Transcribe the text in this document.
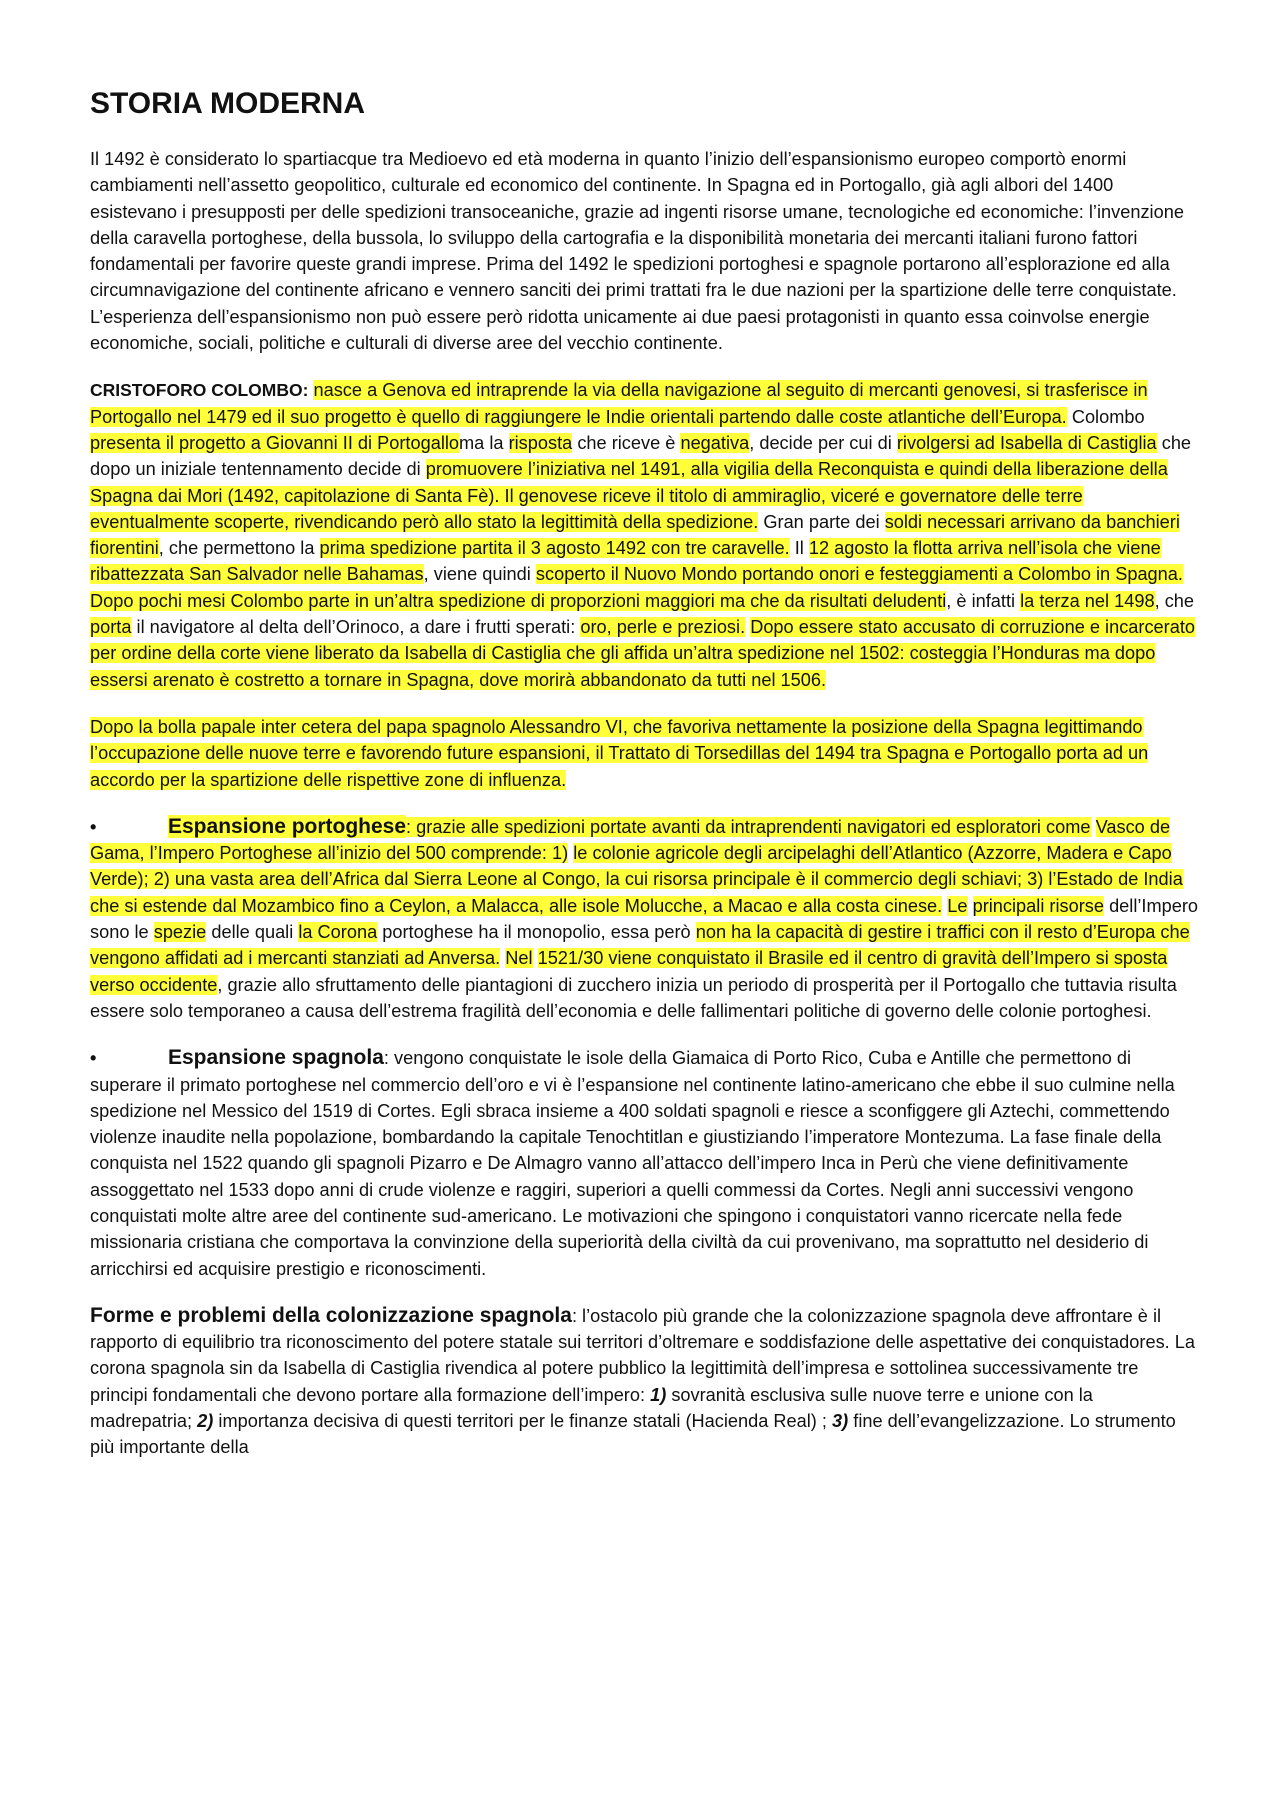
STORIA MODERNA

Il 1492 è considerato lo spartiacque tra Medioevo ed età moderna in quanto l’inizio dell’espansionismo europeo comportò enormi cambiamenti nell’assetto geopolitico, culturale ed economico del continente. In Spagna ed in Portogallo, già agli albori del 1400 esistevano i presupposti per delle spedizioni transoceaniche, grazie ad ingenti risorse umane, tecnologiche ed economiche: l’invenzione della caravella portoghese, della bussola, lo sviluppo della cartografia e la disponibilità monetaria dei mercanti italiani furono fattori fondamentali per favorire queste grandi imprese. Prima del 1492 le spedizioni portoghesi e spagnole portarono all’esplorazione ed alla circumnavigazione del continente africano e vennero sanciti dei primi trattati fra le due nazioni per la spartizione delle terre conquistate. L’esperienza dell’espansionismo non può essere però ridotta unicamente ai due paesi protagonisti in quanto essa coinvolse energie economiche, sociali, politiche e culturali di diverse aree del vecchio continente.

CRISTOFORO COLOMBO: nasce a Genova ed intraprende la via della navigazione al seguito di mercanti genovesi, si trasferisce in Portogallo nel 1479 ed il suo progetto è quello di raggiungere le Indie orientali partendo dalle coste atlantiche dell’Europa. Colombo presenta il progetto a Giovanni II di Portogalloma la risposta che riceve è negativa, decide per cui di rivolgersi ad Isabella di Castiglia che dopo un iniziale tentennamento decide di promuovere l’iniziativa nel 1491, alla vigilia della Reconquista e quindi della liberazione della Spagna dai Mori (1492, capitolazione di Santa Fè). Il genovese riceve il titolo di ammiraglio, viceré e governatore delle terre eventualmente scoperte, rivendicando però allo stato la legittimità della spedizione. Gran parte dei soldi necessari arrivano da banchieri fiorentini, che permettono la prima spedizione partita il 3 agosto 1492 con tre caravelle. Il 12 agosto la flotta arriva nell’isola che viene ribattezzata San Salvador nelle Bahamas, viene quindi scoperto il Nuovo Mondo portando onori e festeggiamenti a Colombo in Spagna. Dopo pochi mesi Colombo parte in un’altra spedizione di proporzioni maggiori ma che da risultati deludenti, è infatti la terza nel 1498, che porta il navigatore al delta dell’Orinoco, a dare i frutti sperati: oro, perle e preziosi. Dopo essere stato accusato di corruzione e incarcerato per ordine della corte viene liberato da Isabella di Castiglia che gli affida un’altra spedizione nel 1502: costeggia l’Honduras ma dopo essersi arenato è costretto a tornare in Spagna, dove morirà abbandonato da tutti nel 1506.

Dopo la bolla papale inter cetera del papa spagnolo Alessandro VI, che favoriva nettamente la posizione della Spagna legittimando l’occupazione delle nuove terre e favorendo future espansioni, il Trattato di Torsedillas del 1494 tra Spagna e Portogallo porta ad un accordo per la spartizione delle rispettive zone di influenza.

•	Espansione portoghese: grazie alle spedizioni portate avanti da intraprendenti navigatori ed esploratori come Vasco de Gama, l’Impero Portoghese all’inizio del 500 comprende: 1) le colonie agricole degli arcipelaghi dell’Atlantico (Azzorre, Madera e Capo Verde); 2) una vasta area dell’Africa dal Sierra Leone al Congo, la cui risorsa principale è il commercio degli schiavi; 3) l’Estado de India che si estende dal Mozambico fino a Ceylon, a Malacca, alle isole Molucche, a Macao e alla costa cinese. Le principali risorse dell’Impero sono le spezie delle quali la Corona portoghese ha il monopolio, essa però non ha la capacità di gestire i traffici con il resto d’Europa che vengono affidati ad i mercanti stanziati ad Anversa. Nel 1521/30 viene conquistato il Brasile ed il centro di gravità dell’Impero si sposta verso occidente, grazie allo sfruttamento delle piantagioni di zucchero inizia un periodo di prosperità per il Portogallo che tuttavia risulta essere solo temporaneo a causa dell’estrema fragilità dell’economia e delle fallimentari politiche di governo delle colonie portoghesi.

•	Espansione spagnola: vengono conquistate le isole della Giamaica di Porto Rico, Cuba e Antille che permettono di superare il primato portoghese nel commercio dell’oro e vi è l’espansione nel continente latino-americano che ebbe il suo culmine nella spedizione nel Messico del 1519 di Cortes. Egli sbraca insieme a 400 soldati spagnoli e riesce a sconfiggere gli Aztechi, commettendo violenze inaudite nella popolazione, bombardando la capitale Tenochtitlan e giustiziando l’imperatore Montezuma. La fase finale della conquista nel 1522 quando gli spagnoli Pizarro e De Almagro vanno all’attacco dell’impero Inca in Perù che viene definitivamente assoggettato nel 1533 dopo anni di crude violenze e raggiri, superiori a quelli commessi da Cortes. Negli anni successivi vengono conquistati molte altre aree del continente sud-americano. Le motivazioni che spingono i conquistatori vanno ricercate nella fede missionaria cristiana che comportava la convinzione della superiorità della civiltà da cui provenivano, ma soprattutto nel desiderio di arricchirsi ed acquisire prestigio e riconoscimenti.

Forme e problemi della colonizzazione spagnola: l’ostacolo più grande che la colonizzazione spagnola deve affrontare è il rapporto di equilibrio tra riconoscimento del potere statale sui territori d’oltremare e soddisfazione delle aspettative dei conquistadores. La corona spagnola sin da Isabella di Castiglia rivendica al potere pubblico la legittimità dell’impresa e sottolinea successivamente tre principi fondamentali che devono portare alla formazione dell’impero: 1) sovranità esclusiva sulle nuove terre e unione con la madrepatria; 2) importanza decisiva di questi territori per le finanze statali (Hacienda Real) ; 3) fine dell’evangelizzazione. Lo strumento più importante della
